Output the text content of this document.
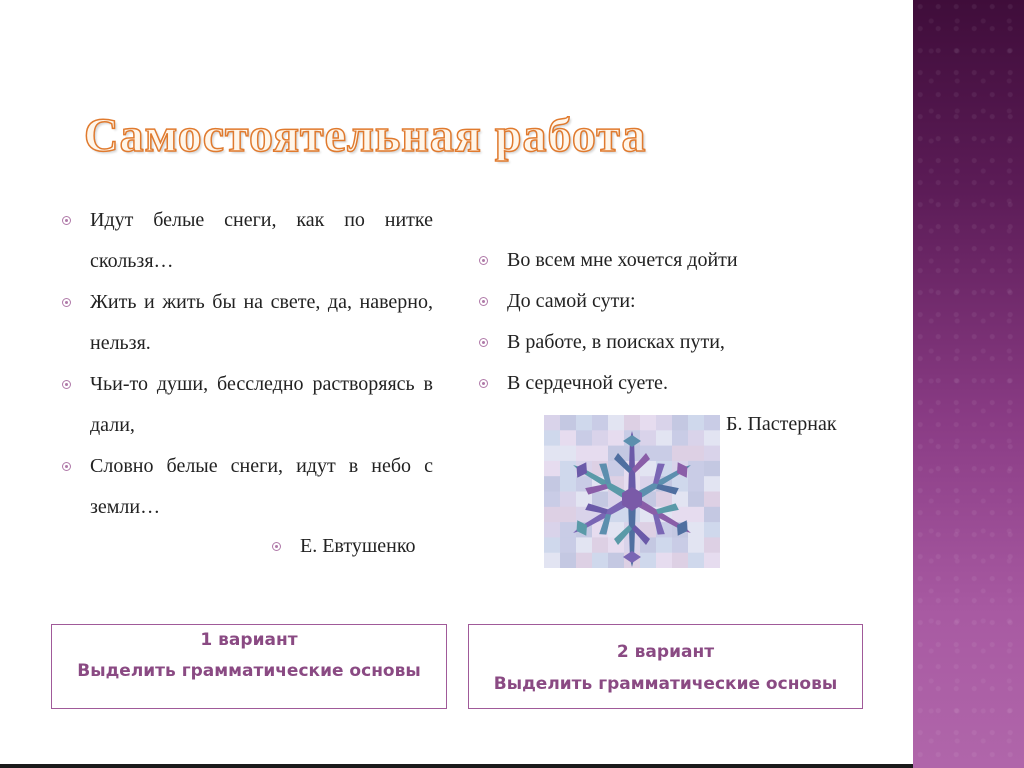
Самостоятельная работа
Идут белые снеги, как по нитке скользя…
Жить и жить бы на свете, да, наверно, нельзя.
Чьи-то души, бесследно растворяясь в дали,
Словно белые снеги, идут в небо с земли…
Е. Евтушенко
Во всем мне хочется дойти
До самой сути:
В работе, в поисках пути,
В сердечной суете.
Б. Пастернак
1 вариант
Выделить грамматические основы
2 вариант
Выделить грамматические основы
